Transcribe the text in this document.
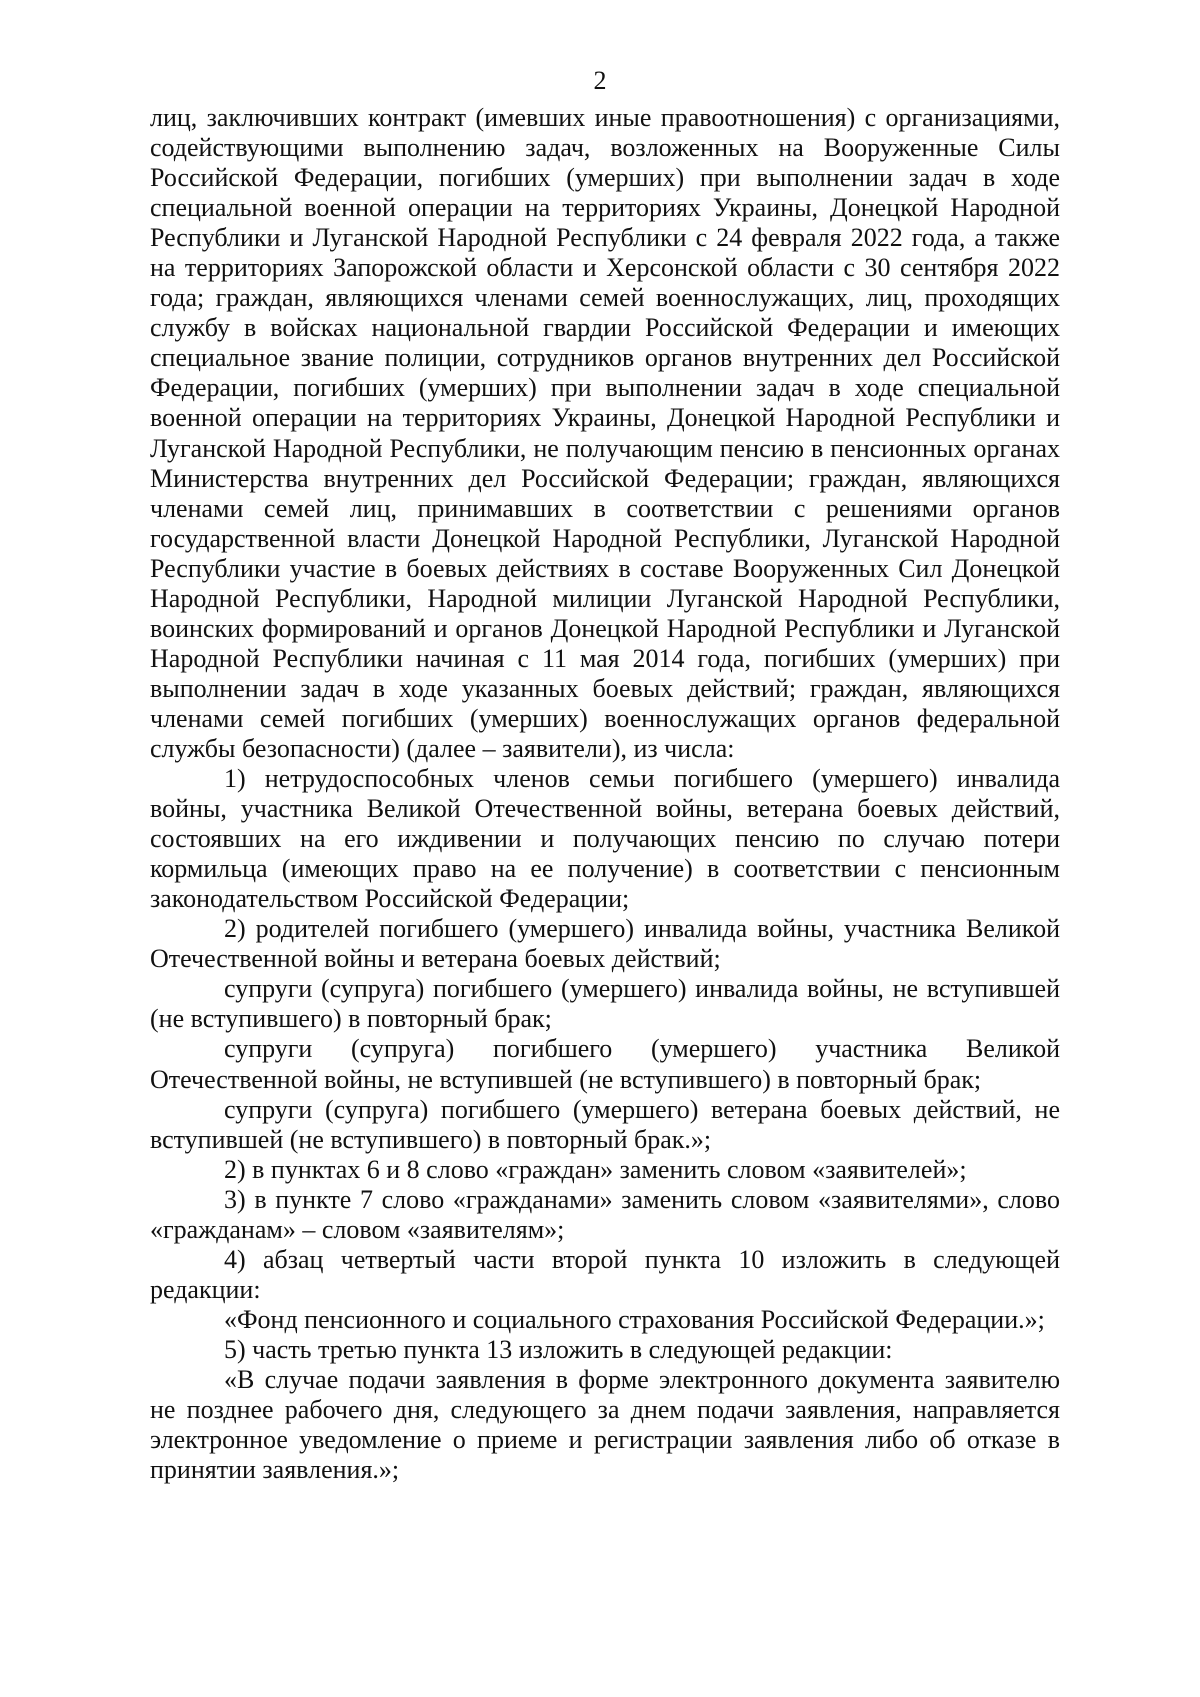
2

лиц, заключивших контракт (имевших иные правоотношения) с организациями, содействующими выполнению задач, возложенных на Вооруженные Силы Российской Федерации, погибших (умерших) при выполнении задач в ходе специальной военной операции на территориях Украины, Донецкой Народной Республики и Луганской Народной Республики с 24 февраля 2022 года, а также на территориях Запорожской области и Херсонской области с 30 сентября 2022 года; граждан, являющихся членами семей военнослужащих, лиц, проходящих службу в войсках национальной гвардии Российской Федерации и имеющих специальное звание полиции, сотрудников органов внутренних дел Российской Федерации, погибших (умерших) при выполнении задач в ходе специальной военной операции на территориях Украины, Донецкой Народной Республики и Луганской Народной Республики, не получающим пенсию в пенсионных органах Министерства внутренних дел Российской Федерации; граждан, являющихся членами семей лиц, принимавших в соответствии с решениями органов государственной власти Донецкой Народной Республики, Луганской Народной Республики участие в боевых действиях в составе Вооруженных Сил Донецкой Народной Республики, Народной милиции Луганской Народной Республики, воинских формирований и органов Донецкой Народной Республики и Луганской Народной Республики начиная с 11 мая 2014 года, погибших (умерших) при выполнении задач в ходе указанных боевых действий; граждан, являющихся членами семей погибших (умерших) военнослужащих органов федеральной службы безопасности) (далее – заявители), из числа:

1) нетрудоспособных членов семьи погибшего (умершего) инвалида войны, участника Великой Отечественной войны, ветерана боевых действий, состоявших на его иждивении и получающих пенсию по случаю потери кормильца (имеющих право на ее получение) в соответствии с пенсионным законодательством Российской Федерации;

2) родителей погибшего (умершего) инвалида войны, участника Великой Отечественной войны и ветерана боевых действий;

супруги (супруга) погибшего (умершего) инвалида войны, не вступившей (не вступившего) в повторный брак;

супруги (супруга) погибшего (умершего) участника Великой Отечественной войны, не вступившей (не вступившего) в повторный брак;

супруги (супруга) погибшего (умершего) ветерана боевых действий, не вступившей (не вступившего) в повторный брак.»;

2) в пунктах 6 и 8 слово «граждан» заменить словом «заявителей»;

3) в пункте 7 слово «гражданами» заменить словом «заявителями», слово «гражданам» – словом «заявителям»;

4) абзац четвертый части второй пункта 10 изложить в следующей редакции:

«Фонд пенсионного и социального страхования Российской Федерации.»;

5) часть третью пункта 13 изложить в следующей редакции:

«В случае подачи заявления в форме электронного документа заявителю не позднее рабочего дня, следующего за днем подачи заявления, направляется электронное уведомление о приеме и регистрации заявления либо об отказе в принятии заявления.»;
